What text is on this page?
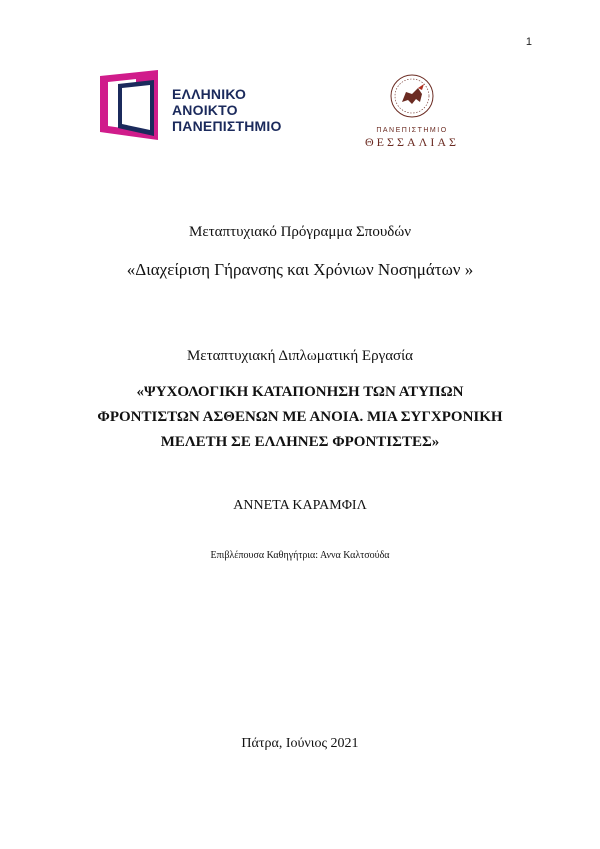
1
ΕΛΛΗΝΙΚΟ
ΑΝΟΙΚΤΟ
ΠΑΝΕΠΙΣΤΗΜΙΟ	ΠΑΝΕΠΙΣΤΗΜΙΟ
ΘΕΣΣΑΛΙΑΣ
Μεταπτυχιακό Πρόγραμμα Σπουδών
«Διαχείριση Γήρανσης και Χρόνιων Νοσημάτων »
Μεταπτυχιακή Διπλωματική Εργασία
«ΨΥΧΟΛΟΓΙΚΗ ΚΑΤΑΠΟΝΗΣΗ ΤΩΝ ΑΤΥΠΩΝ
ΦΡΟΝΤΙΣΤΩΝ ΑΣΘΕΝΩΝ ΜΕ ΑΝΟΙΑ. ΜΙΑ ΣΥΓΧΡΟΝΙΚΗ
ΜΕΛΕΤΗ ΣΕ ΕΛΛΗΝΕΣ ΦΡΟΝΤΙΣΤΕΣ»
ΑΝΝΕΤΑ ΚΑΡΑΜΦΙΛ
Επιβλέπουσα Καθηγήτρια: Αννα Καλτσούδα
Πάτρα, Ιούνιος 2021
